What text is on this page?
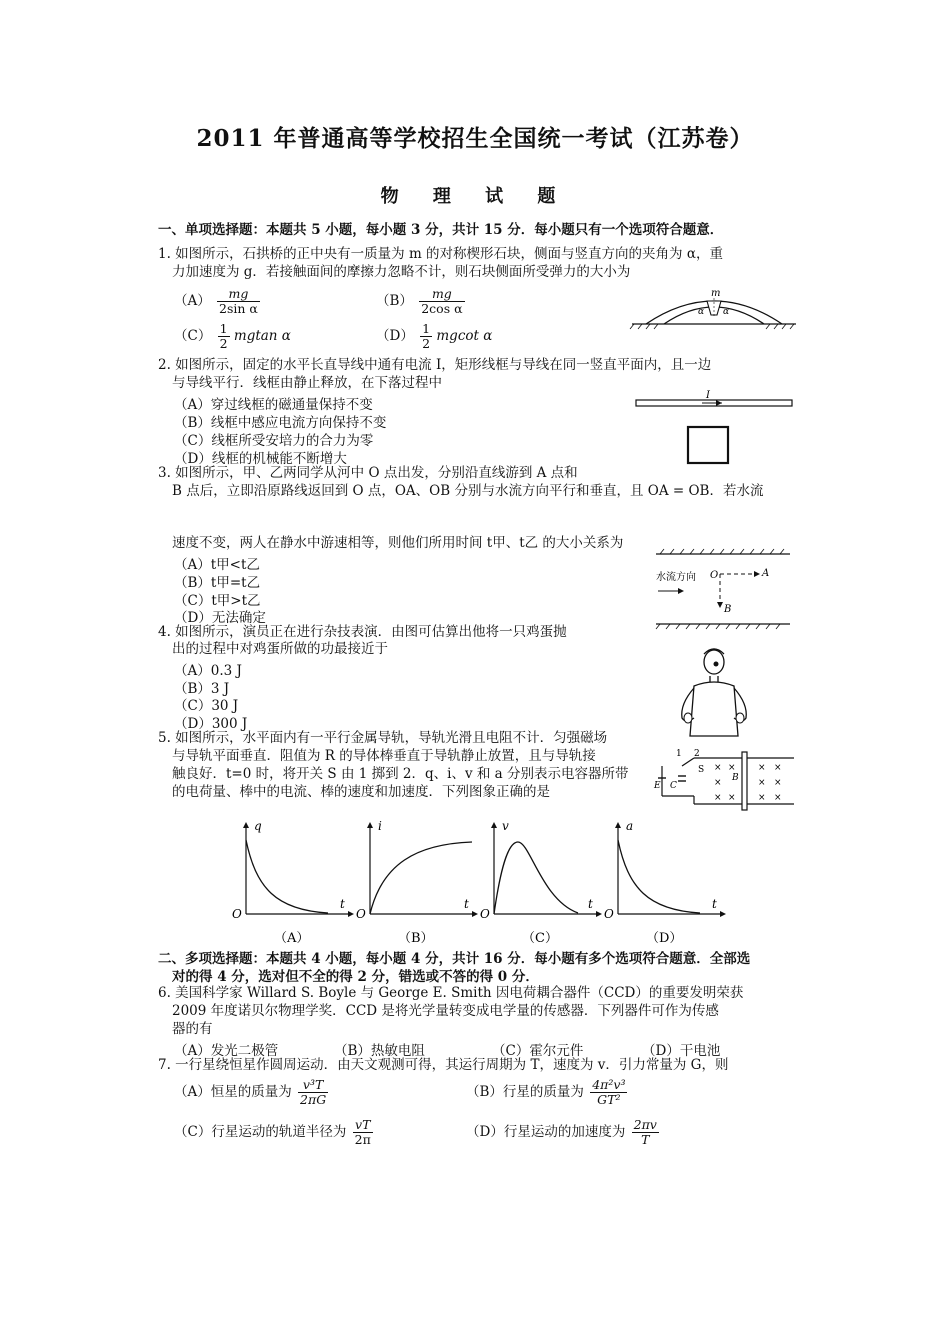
2011 年普通高等学校招生全国统一考试（江苏卷）
物 理 试 题
一、单项选择题：本题共 5 小题，每小题 3 分，共计 15 分．每小题只有一个选项符合题意．
1. 如图所示，石拱桥的正中央有一质量为 m 的对称楔形石块，侧面与竖直方向的夹角为 α，重
力加速度为 g．若接触面间的摩擦力忽略不计，则石块侧面所受弹力的大小为
$(A) \frac{mg}{\text{2sin α}}$	$(B) \frac{mg}{\text{2cos α}}$
$(C) \frac{1}{2}$ mgtan α	$(D) \frac{1}{2}$ mgcot α
m
α α
2. 如图所示，固定的水平长直导线中通有电流 I，矩形线框与导线在同一竖直平面内，且一边
与导线平行．线框由静止释放，在下落过程中
（A）穿过线框的磁通量保持不变
（B）线框中感应电流方向保持不变
（C）线框所受安培力的合力为零
（D）线框的机械能不断增大
I
3. 如图所示，甲、乙两同学从河中 O 点出发，分别沿直线游到 A 点和
B 点后，立即沿原路线返回到 O 点，OA、OB 分别与水流方向平行和垂直，且 OA = OB．若水流
速度不变，两人在静水中游速相等，则他们所用时间 t甲、t乙 的大小关系为
（A）t甲<t乙
（B）t甲=t乙
（C）t甲>t乙
（D）无法确定
水流方向 O	A
B
4. 如图所示，演员正在进行杂技表演．由图可估算出他将一只鸡蛋抛
出的过程中对鸡蛋所做的功最接近于
（A）0.3 J
（B）3 J
（C）30 J
（D）300 J
5. 如图所示，水平面内有一平行金属导轨，导轨光滑且电阻不计．匀强磁场
与导轨平面垂直．阻值为 R 的导体棒垂直于导轨静止放置，且与导轨接
触良好．t=0 时，将开关 S 由 1 掷到 2．q、i、v 和 a 分别表示电容器所带
的电荷量、棒中的电流、棒的速度和加速度．下列图象正确的是
1 2
S
E C
B
× × × ×
×	× ×
× × × ×
q
t
O
（A）
i
t
O
（B）
v
t
O
（C）
a
t
O
（D）
二、多项选择题：本题共 4 小题，每小题 4 分，共计 16 分．每小题有多个选项符合题意．全部选
对的得 4 分，选对但不全的得 2 分，错选或不答的得 0 分．
6. 美国科学家 Willard S. Boyle 与 George E. Smith 因电荷耦合器件（CCD）的重要发明荣获
2009 年度诺贝尔物理学奖．CCD 是将光学量转变成电学量的传感器．下列器件可作为传感
器的有
（A）发光二极管	（B）热敏电阻	（C）霍尔元件	（D）干电池
7. 一行星绕恒星作圆周运动．由天文观测可得，其运行周期为 T，速度为 v．引力常量为 G，则
（A）恒星的质量为 $\frac{\text{v³T}}{2\pi G}$	（B）行星的质量为 $\frac{\text{4π²v³}}{\text{GT²}}$
（C）行星运动的轨道半径为 $\frac{vT}{2\pi}$	（D）行星运动的加速度为 $\frac{2\pi v}{T}$
